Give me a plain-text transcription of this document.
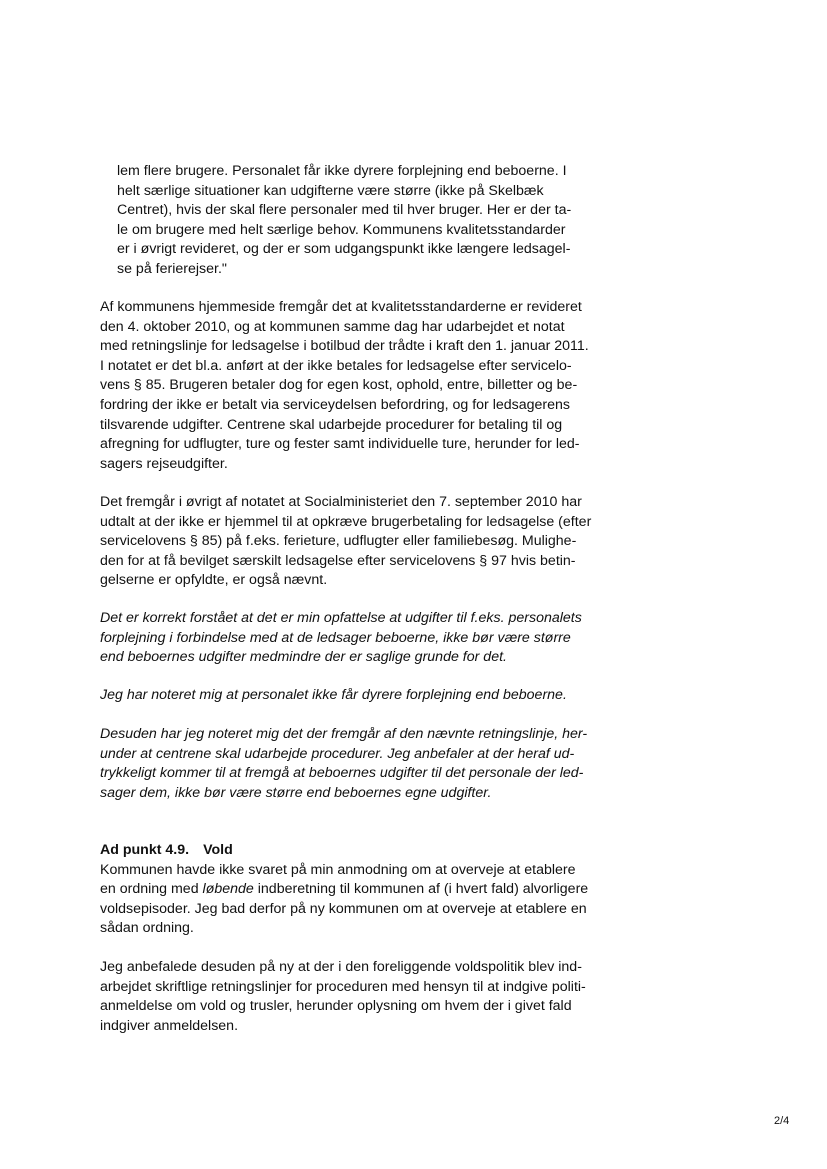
lem flere brugere. Personalet får ikke dyrere forplejning end beboerne. I
helt særlige situationer kan udgifterne være større (ikke på Skelbæk
Centret), hvis der skal flere personaler med til hver bruger. Her er der ta-
le om brugere med helt særlige behov. Kommunens kvalitetsstandarder
er i øvrigt revideret, og der er som udgangspunkt ikke længere ledsagel-
se på ferierejser."
Af kommunens hjemmeside fremgår det at kvalitetsstandarderne er revideret
den 4. oktober 2010, og at kommunen samme dag har udarbejdet et notat
med retningslinje for ledsagelse i botilbud der trådte i kraft den 1. januar 2011.
I notatet er det bl.a. anført at der ikke betales for ledsagelse efter servicelo-
vens § 85. Brugeren betaler dog for egen kost, ophold, entre, billetter og be-
fordring der ikke er betalt via serviceydelsen befordring, og for ledsagerens
tilsvarende udgifter. Centrene skal udarbejde procedurer for betaling til og
afregning for udflugter, ture og fester samt individuelle ture, herunder for led-
sagers rejseudgifter.
Det fremgår i øvrigt af notatet at Socialministeriet den 7. september 2010 har
udtalt at der ikke er hjemmel til at opkræve brugerbetaling for ledsagelse (efter
servicelovens § 85) på f.eks. ferieture, udflugter eller familiebesøg. Mulighe-
den for at få bevilget særskilt ledsagelse efter servicelovens § 97 hvis betin-
gelserne er opfyldte, er også nævnt.
Det er korrekt forstået at det er min opfattelse at udgifter til f.eks. personalets
forplejning i forbindelse med at de ledsager beboerne, ikke bør være større
end beboernes udgifter medmindre der er saglige grunde for det.
Jeg har noteret mig at personalet ikke får dyrere forplejning end beboerne.
Desuden har jeg noteret mig det der fremgår af den nævnte retningslinje, her-
under at centrene skal udarbejde procedurer. Jeg anbefaler at der heraf ud-
trykkeligt kommer til at fremgå at beboernes udgifter til det personale der led-
sager dem, ikke bør være større end beboernes egne udgifter.
Ad punkt 4.9. Vold
Kommunen havde ikke svaret på min anmodning om at overveje at etablere
en ordning med løbende indberetning til kommunen af (i hvert fald) alvorligere
voldsepisoder. Jeg bad derfor på ny kommunen om at overveje at etablere en
sådan ordning.
Jeg anbefalede desuden på ny at der i den foreliggende voldspolitik blev ind-
arbejdet skriftlige retningslinjer for proceduren med hensyn til at indgive politi-
anmeldelse om vold og trusler, herunder oplysning om hvem der i givet fald
indgiver anmeldelsen.
2/4
